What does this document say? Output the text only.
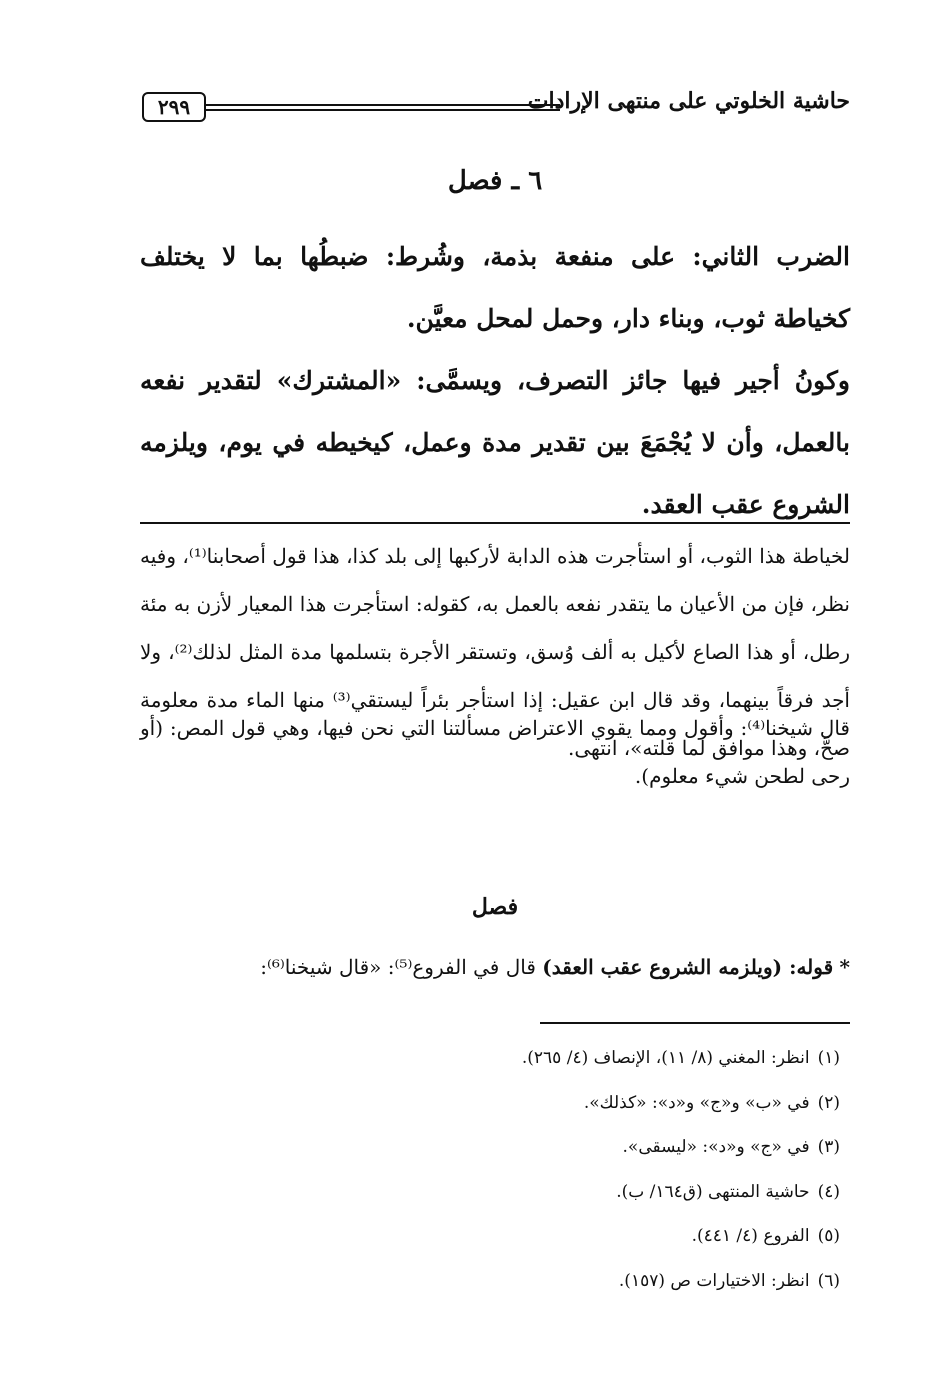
حاشية الخلوتي على منتهى الإرادات
٢٩٩
٦ ـ فصل

الضرب الثاني: على منفعة بذمة، وشُرط: ضبطُها بما لا يختلف كخياطة ثوب، وبناء دار، وحمل لمحل معيَّن.

وكونُ أجير فيها جائز التصرف، ويسمَّى: «المشترك» لتقدير نفعه بالعمل، وأن لا يُجْمَعَ بين تقدير مدة وعمل، كيخيطه في يوم، ويلزمه الشروع عقب العقد.

لخياطة هذا الثوب، أو استأجرت هذه الدابة لأركبها إلى بلد كذا، هذا قول أصحابنا⁽¹⁾، وفيه نظر، فإن من الأعيان ما يتقدر نفعه بالعمل به، كقوله: استأجرت هذا المعيار لأزن به مئة رطل، أو هذا الصاع لأكيل به ألف وُسق، وتستقر الأجرة بتسلمها مدة المثل لذلك⁽²⁾، ولا أجد فرقاً بينهما، وقد قال ابن عقيل: إذا استأجر بئراً ليستقي⁽³⁾ منها الماء مدة معلومة صحَّ، وهذا موافق لما قلته»، انتهى.

قال شيخنا⁽⁴⁾: وأقول ومما يقوي الاعتراض مسألتنا التي نحن فيها، وهي قول المص: (أو رحى لطحن شيء معلوم).

فصل

* قوله: (ويلزمه الشروع عقب العقد) قال في الفروع⁽⁵⁾: «قال شيخنا⁽⁶⁾:

(١)انظر: المغني (٨/ ١١)، الإنصاف (٤/ ٢٦٥).
(٢)في «ب» و«ج» و«د»: «كذلك».
(٣)في «ج» و«د»: «ليسقى».
(٤)حاشية المنتهى (ق١٦٤/ ب).
(٥)الفروع (٤/ ٤٤١).
(٦)انظر: الاختيارات ص (١٥٧).
